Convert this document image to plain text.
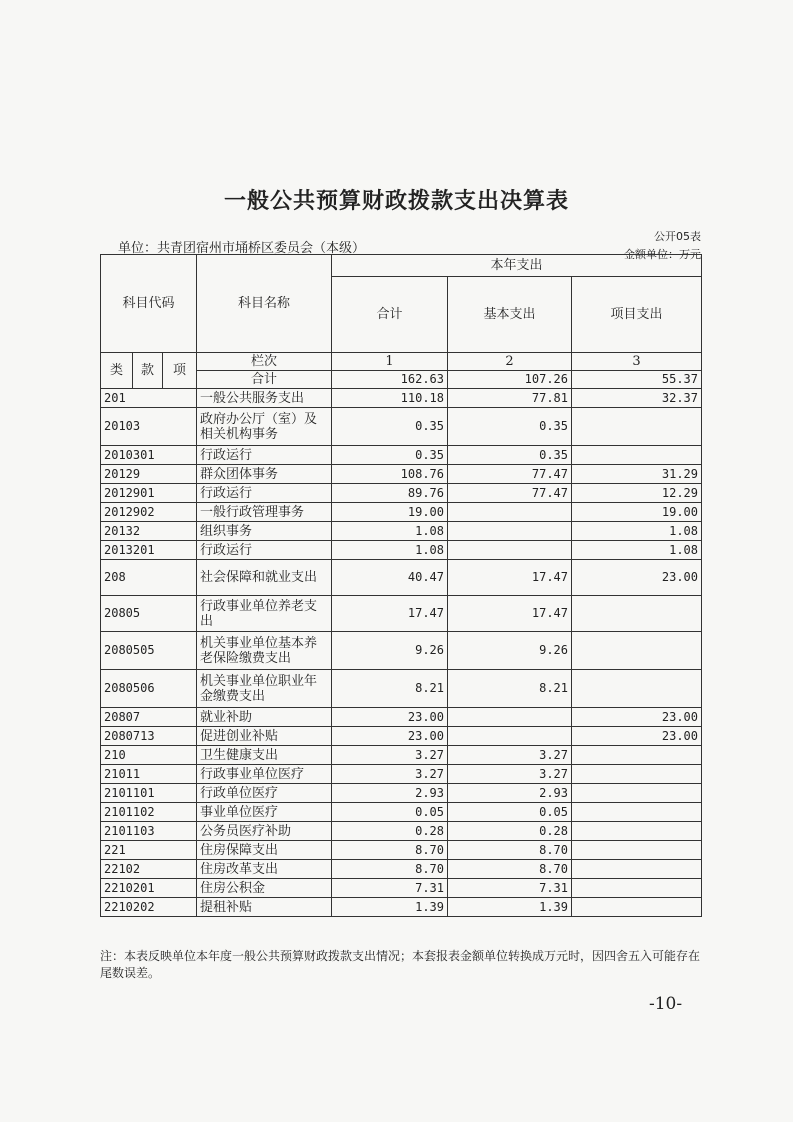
一般公共预算财政拨款支出决算表
公开05表
单位：共青团宿州市埇桥区委员会（本级）	金额单位：万元
科目代码			科目名称	本年支出		
				合计	基本支出	项目支出
类	款	项	栏次	1	2	3
			合计	162.63	107.26	55.37
201			一般公共服务支出	110.18	77.81	32.37
20103			政府办公厅（室）及相关机构事务	0.35	0.35	
2010301			行政运行	0.35	0.35	
20129			群众团体事务	108.76	77.47	31.29
2012901			行政运行	89.76	77.47	12.29
2012902			一般行政管理事务	19.00		19.00
20132			组织事务	1.08		1.08
2013201			行政运行	1.08		1.08
208			社会保障和就业支出	40.47	17.47	23.00
20805			行政事业单位养老支出	17.47	17.47	
2080505			机关事业单位基本养老保险缴费支出	9.26	9.26	
2080506			机关事业单位职业年金缴费支出	8.21	8.21	
20807			就业补助	23.00		23.00
2080713			促进创业补贴	23.00		23.00
210			卫生健康支出	3.27	3.27	
21011			行政事业单位医疗	3.27	3.27	
2101101			行政单位医疗	2.93	2.93	
2101102			事业单位医疗	0.05	0.05	
2101103			公务员医疗补助	0.28	0.28	
221			住房保障支出	8.70	8.70	
22102			住房改革支出	8.70	8.70	
2210201			住房公积金	7.31	7.31	
2210202			提租补贴	1.39	1.39	
注：本表反映单位本年度一般公共预算财政拨款支出情况；本套报表金额单位转换成万元时，因四舍五入可能存在尾数误差。
-10-
